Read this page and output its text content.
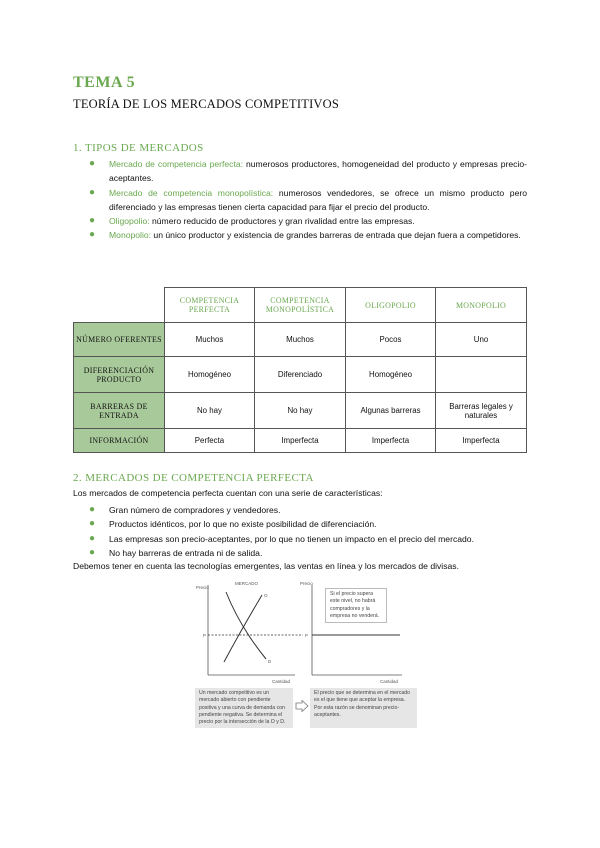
TEMA 5
TEORÍA DE LOS MERCADOS COMPETITIVOS
1. TIPOS DE MERCADOS
● Mercado de competencia perfecta: numerosos productores, homogeneidad del producto y empresas precio-aceptantes.
● Mercado de competencia monopolística: numerosos vendedores, se ofrece un mismo producto pero diferenciado y las empresas tienen cierta capacidad para fijar el precio del producto.
● Oligopolio: número reducido de productores y gran rivalidad entre las empresas.
● Monopolio: un único productor y existencia de grandes barreras de entrada que dejan fuera a competidores.
	COMPETENCIA PERFECTA	COMPETENCIA MONOPOLÍSTICA	OLIGOPOLIO	MONOPOLIO
NÚMERO OFERENTES	Muchos	Muchos	Pocos	Uno
DIFERENCIACIÓN PRODUCTO	Homogéneo	Diferenciado	Homogéneo	
BARRERAS DE ENTRADA	No hay	No hay	Algunas barreras	Barreras legales y naturales
INFORMACIÓN	Perfecta	Imperfecta	Imperfecta	Imperfecta
2. MERCADOS DE COMPETENCIA PERFECTA
Los mercados de competencia perfecta cuentan con una serie de características:
● Gran número de compradores y vendedores.
● Productos idénticos, por lo que no existe posibilidad de diferenciación.
● Las empresas son precio-aceptantes, por lo que no tienen un impacto en el precio del mercado.
● No hay barreras de entrada ni de salida.
Debemos tener en cuenta las tecnologías emergentes, las ventas en línea y los mercados de divisas.
Precio
MERCADO
Cantidad
P
O
D
Precio
Cantidad
P
Si el precio supera este nivel, no habrá compradores y la empresa no venderá.
Un mercado competitivo es un mercado abierto con pendiente positiva y una curva de demanda con pendiente negativa. Se determina el precio por la intersección de la O y D.
El precio que se determina en el mercado es el que tiene que aceptar la empresa. Por esta razón se denominan precio-aceptantes.
